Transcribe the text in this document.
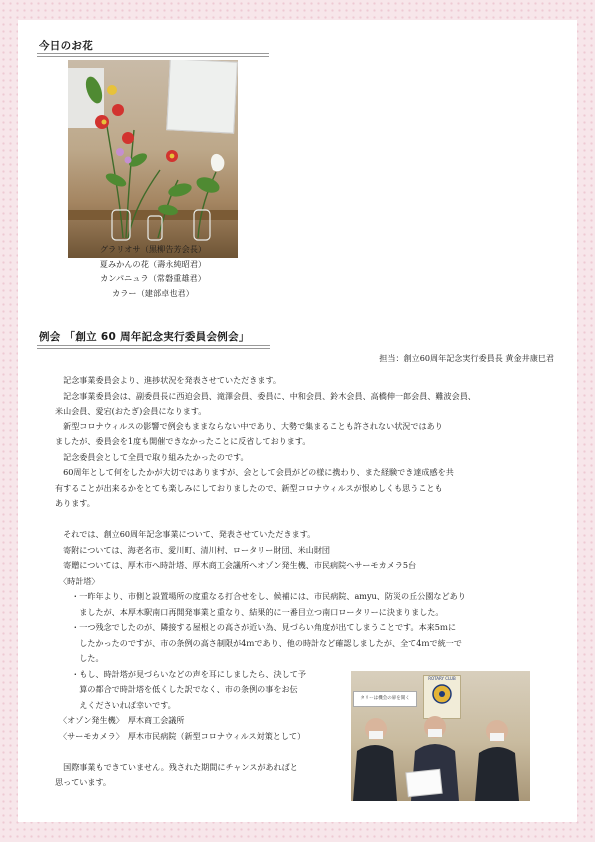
今日のお花
グラリオサ（黒柳告芳会長）
夏みかんの花（壽永純昭君）
カンパニュラ（常磐重雄君）
カラー（建部卓也君）
例会 「創立 60 周年記念実行委員会例会」
担当：創立60周年記念実行委員長 黄金井康巳君
　記念事業委員会より、進捗状況を発表させていただきます。
　記念事業委員会は、副委員長に西迫会員、滝澤会員、委員に、中和会員、鈴木会員、高橋伸一郎会員、難波会員、
米山会員、愛宕(おたぎ)会員になります。
　新型コロナウィルスの影響で例会もままならない中であり、大勢で集まることも許されない状況ではあり
ましたが、委員会を1度も開催できなかったことに反省しております。
　記念委員会として全員で取り組みたかったのです。
　60周年として何をしたかが大切ではありますが、会として会員がどの様に携わり、また経験でき達成感を共
有することが出来るかをとても楽しみにしておりましたので、新型コロナウィルスが恨めしくも思うことも
あります。
　それでは、創立60周年記念事業について、発表させていただきます。
　寄附については、海老名市、愛川町、清川村、ロータリー財団、米山財団
　寄贈については、厚木市へ時計塔、厚木商工会議所へオゾン発生機、市民病院へサーモカメラ5台
　〈時計塔〉
　　・一昨年より、市側と設置場所の度重なる打合せをし、候補には、市民病院、amyu、防災の丘公園などあり
　　　ましたが、本厚木駅南口再開発事業と重なり、結果的に一番目立つ南口ロータリーに決まりました。
　　・一つ残念でしたのが、隣接する屋根との高さが近い為、見づらい角度が出てしまうことです。本来5ｍに
　　　したかったのですが、市の条例の高さ制限が4ｍであり、他の時計など確認しましたが、全て4ｍで統一で
　　　した。
　　・もし、時計塔が見づらいなどの声を耳にしましたら、決して予
　　　算の都合で時計塔を低くした訳でなく、市の条例の事をお伝
　　　えくださいれば幸いです。
　〈オゾン発生機〉　厚木商工会議所
　〈サーモカメラ〉　厚木市民病院（新型コロナウィルス対策として）
　国際事業もできていません。残された期間にチャンスがあればと
思っています。
ROTARY CLUB
タリーは機会の扉を開く
